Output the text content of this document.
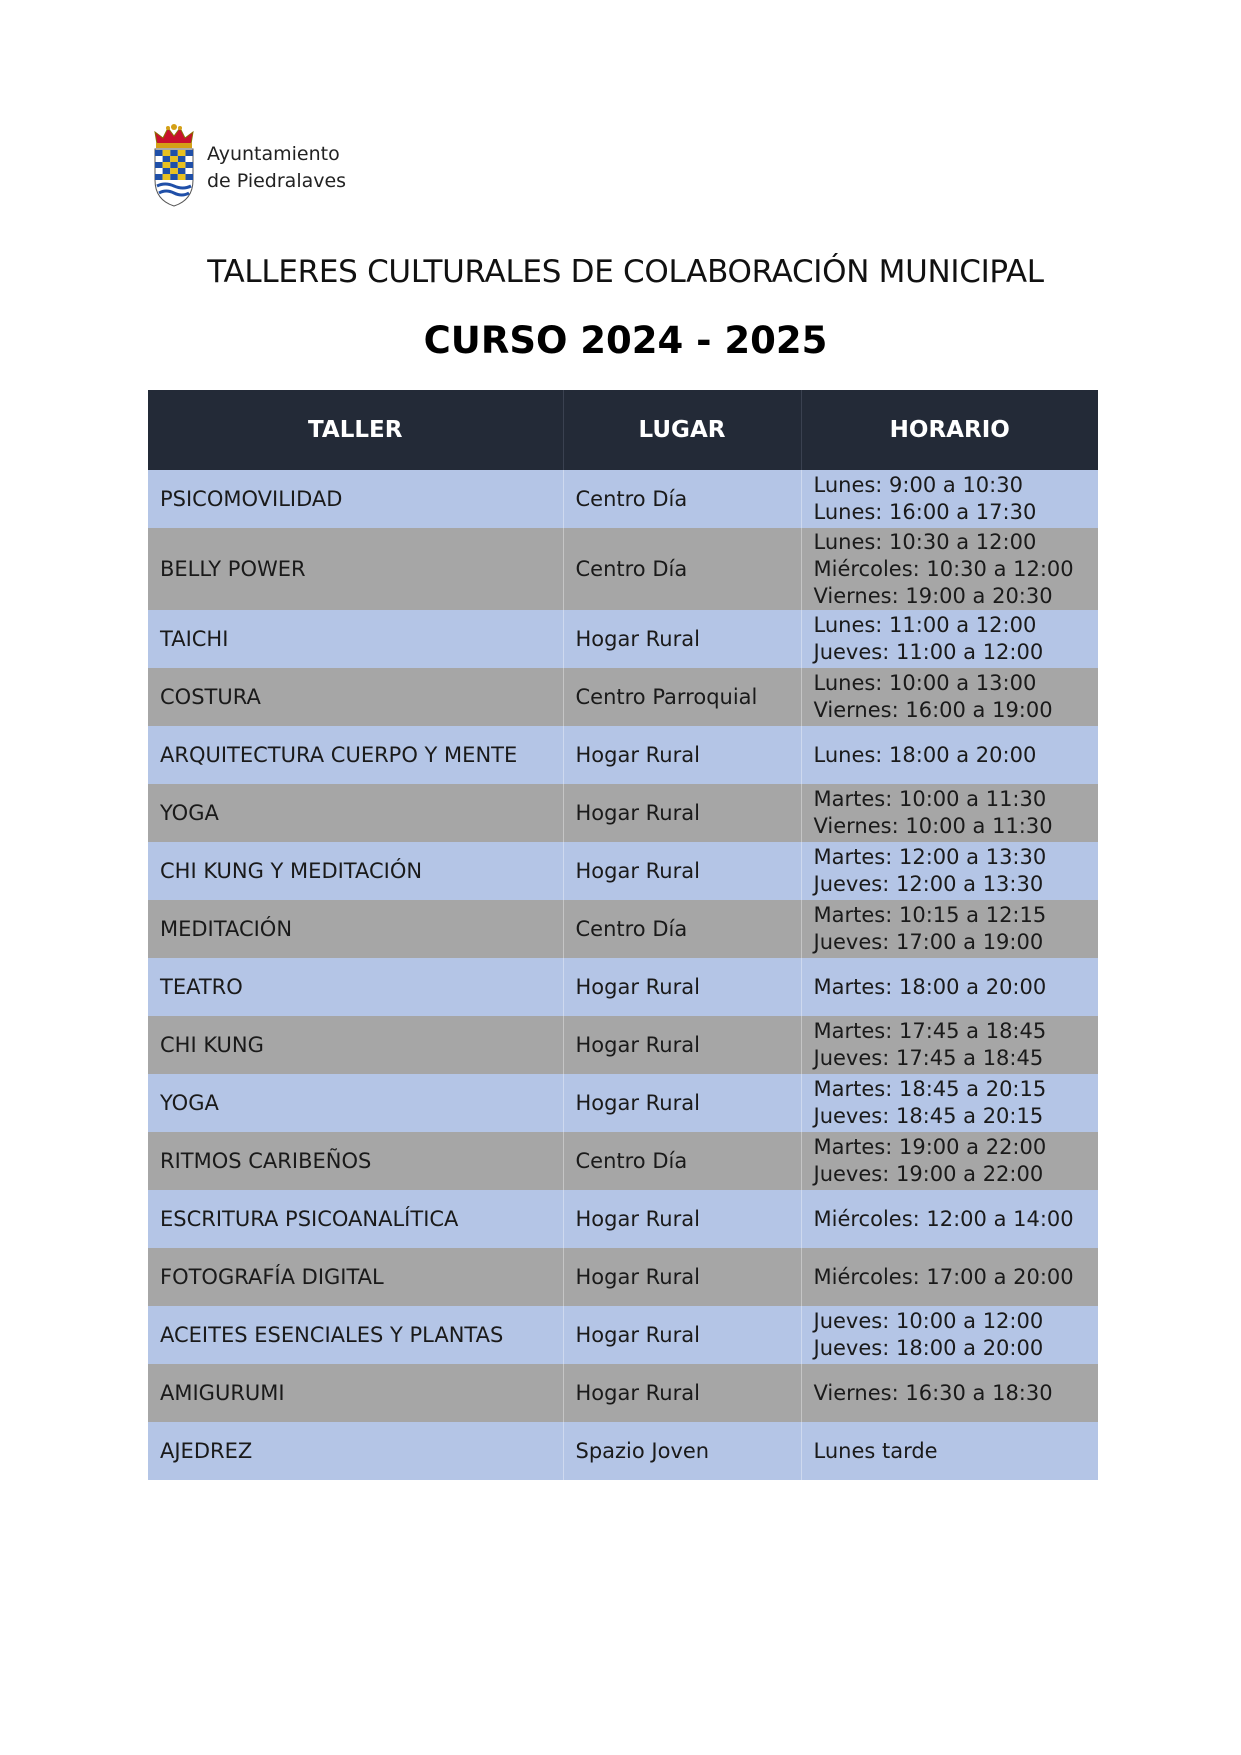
Ayuntamiento
de Piedralaves
TALLERES CULTURALES DE COLABORACIÓN MUNICIPAL
CURSO 2024 - 2025
TALLER	LUGAR	HORARIO
PSICOMOVILIDAD	Centro Día	Lunes: 9:00 a 10:30
Lunes: 16:00 a 17:30

BELLY POWER	Centro Día	Lunes: 10:30 a 12:00
Miércoles: 10:30 a 12:00
Viernes: 19:00 a 20:30

TAICHI	Hogar Rural	Lunes: 11:00 a 12:00
Jueves: 11:00 a 12:00

COSTURA	Centro Parroquial	Lunes: 10:00 a 13:00
Viernes: 16:00 a 19:00

ARQUITECTURA CUERPO Y MENTE	Hogar Rural	Lunes: 18:00 a 20:00

YOGA	Hogar Rural	Martes: 10:00 a 11:30
Viernes: 10:00 a 11:30

CHI KUNG Y MEDITACIÓN	Hogar Rural	Martes: 12:00 a 13:30
Jueves: 12:00 a 13:30

MEDITACIÓN	Centro Día	Martes: 10:15 a 12:15
Jueves: 17:00 a 19:00

TEATRO	Hogar Rural	Martes: 18:00 a 20:00

CHI KUNG	Hogar Rural	Martes: 17:45 a 18:45
Jueves: 17:45 a 18:45

YOGA	Hogar Rural	Martes: 18:45 a 20:15
Jueves: 18:45 a 20:15

RITMOS CARIBEÑOS	Centro Día	Martes: 19:00 a 22:00
Jueves: 19:00 a 22:00

ESCRITURA PSICOANALÍTICA	Hogar Rural	Miércoles: 12:00 a 14:00

FOTOGRAFÍA DIGITAL	Hogar Rural	Miércoles: 17:00 a 20:00

ACEITES ESENCIALES Y PLANTAS	Hogar Rural	Jueves: 10:00 a 12:00
Jueves: 18:00 a 20:00

AMIGURUMI	Hogar Rural	Viernes: 16:30 a 18:30

AJEDREZ	Spazio Joven	Lunes tarde
